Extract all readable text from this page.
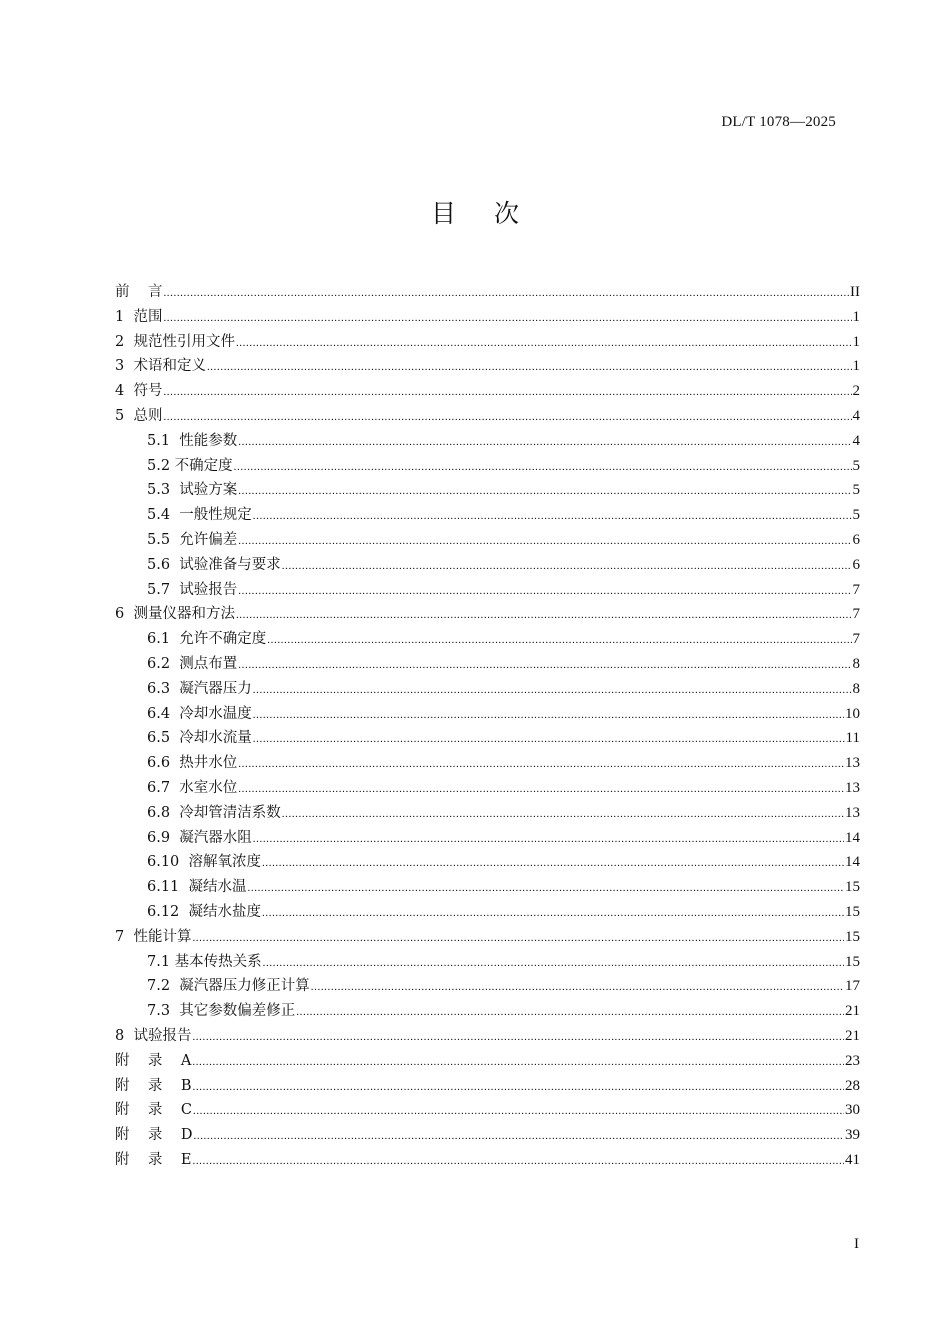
DL/T 1078—2025
目次
前    言 .....	II
1  范围 .....	1
2  规范性引用文件 .....	1
3  术语和定义 .....	1
4  符号 .....	2
5  总则 .....	4
5.1  性能参数 .....	4
5.2 不确定度 .....	5
5.3  试验方案 .....	5
5.4  一般性规定 .....	5
5.5  允许偏差 .....	6
5.6  试验准备与要求 .....	6
5.7  试验报告 .....	7
6  测量仪器和方法 .....	7
6.1  允许不确定度 .....	7
6.2  测点布置 .....	8
6.3  凝汽器压力 .....	8
6.4  冷却水温度 .....	10
6.5  冷却水流量 .....	11
6.6  热井水位 .....	13
6.7  水室水位 .....	13
6.8  冷却管清洁系数 .....	13
6.9  凝汽器水阻 .....	14
6.10  溶解氧浓度 .....	14
6.11  凝结水温 .....	15
6.12  凝结水盐度 .....	15
7  性能计算 .....	15
7.1 基本传热关系 .....	15
7.2  凝汽器压力修正计算 .....	17
7.3  其它参数偏差修正 .....	21
8  试验报告 .....	21
附    录    A .....	23
附    录    B .....	28
附    录    C .....	30
附    录    D .....	39
附    录    E .....	41
I
